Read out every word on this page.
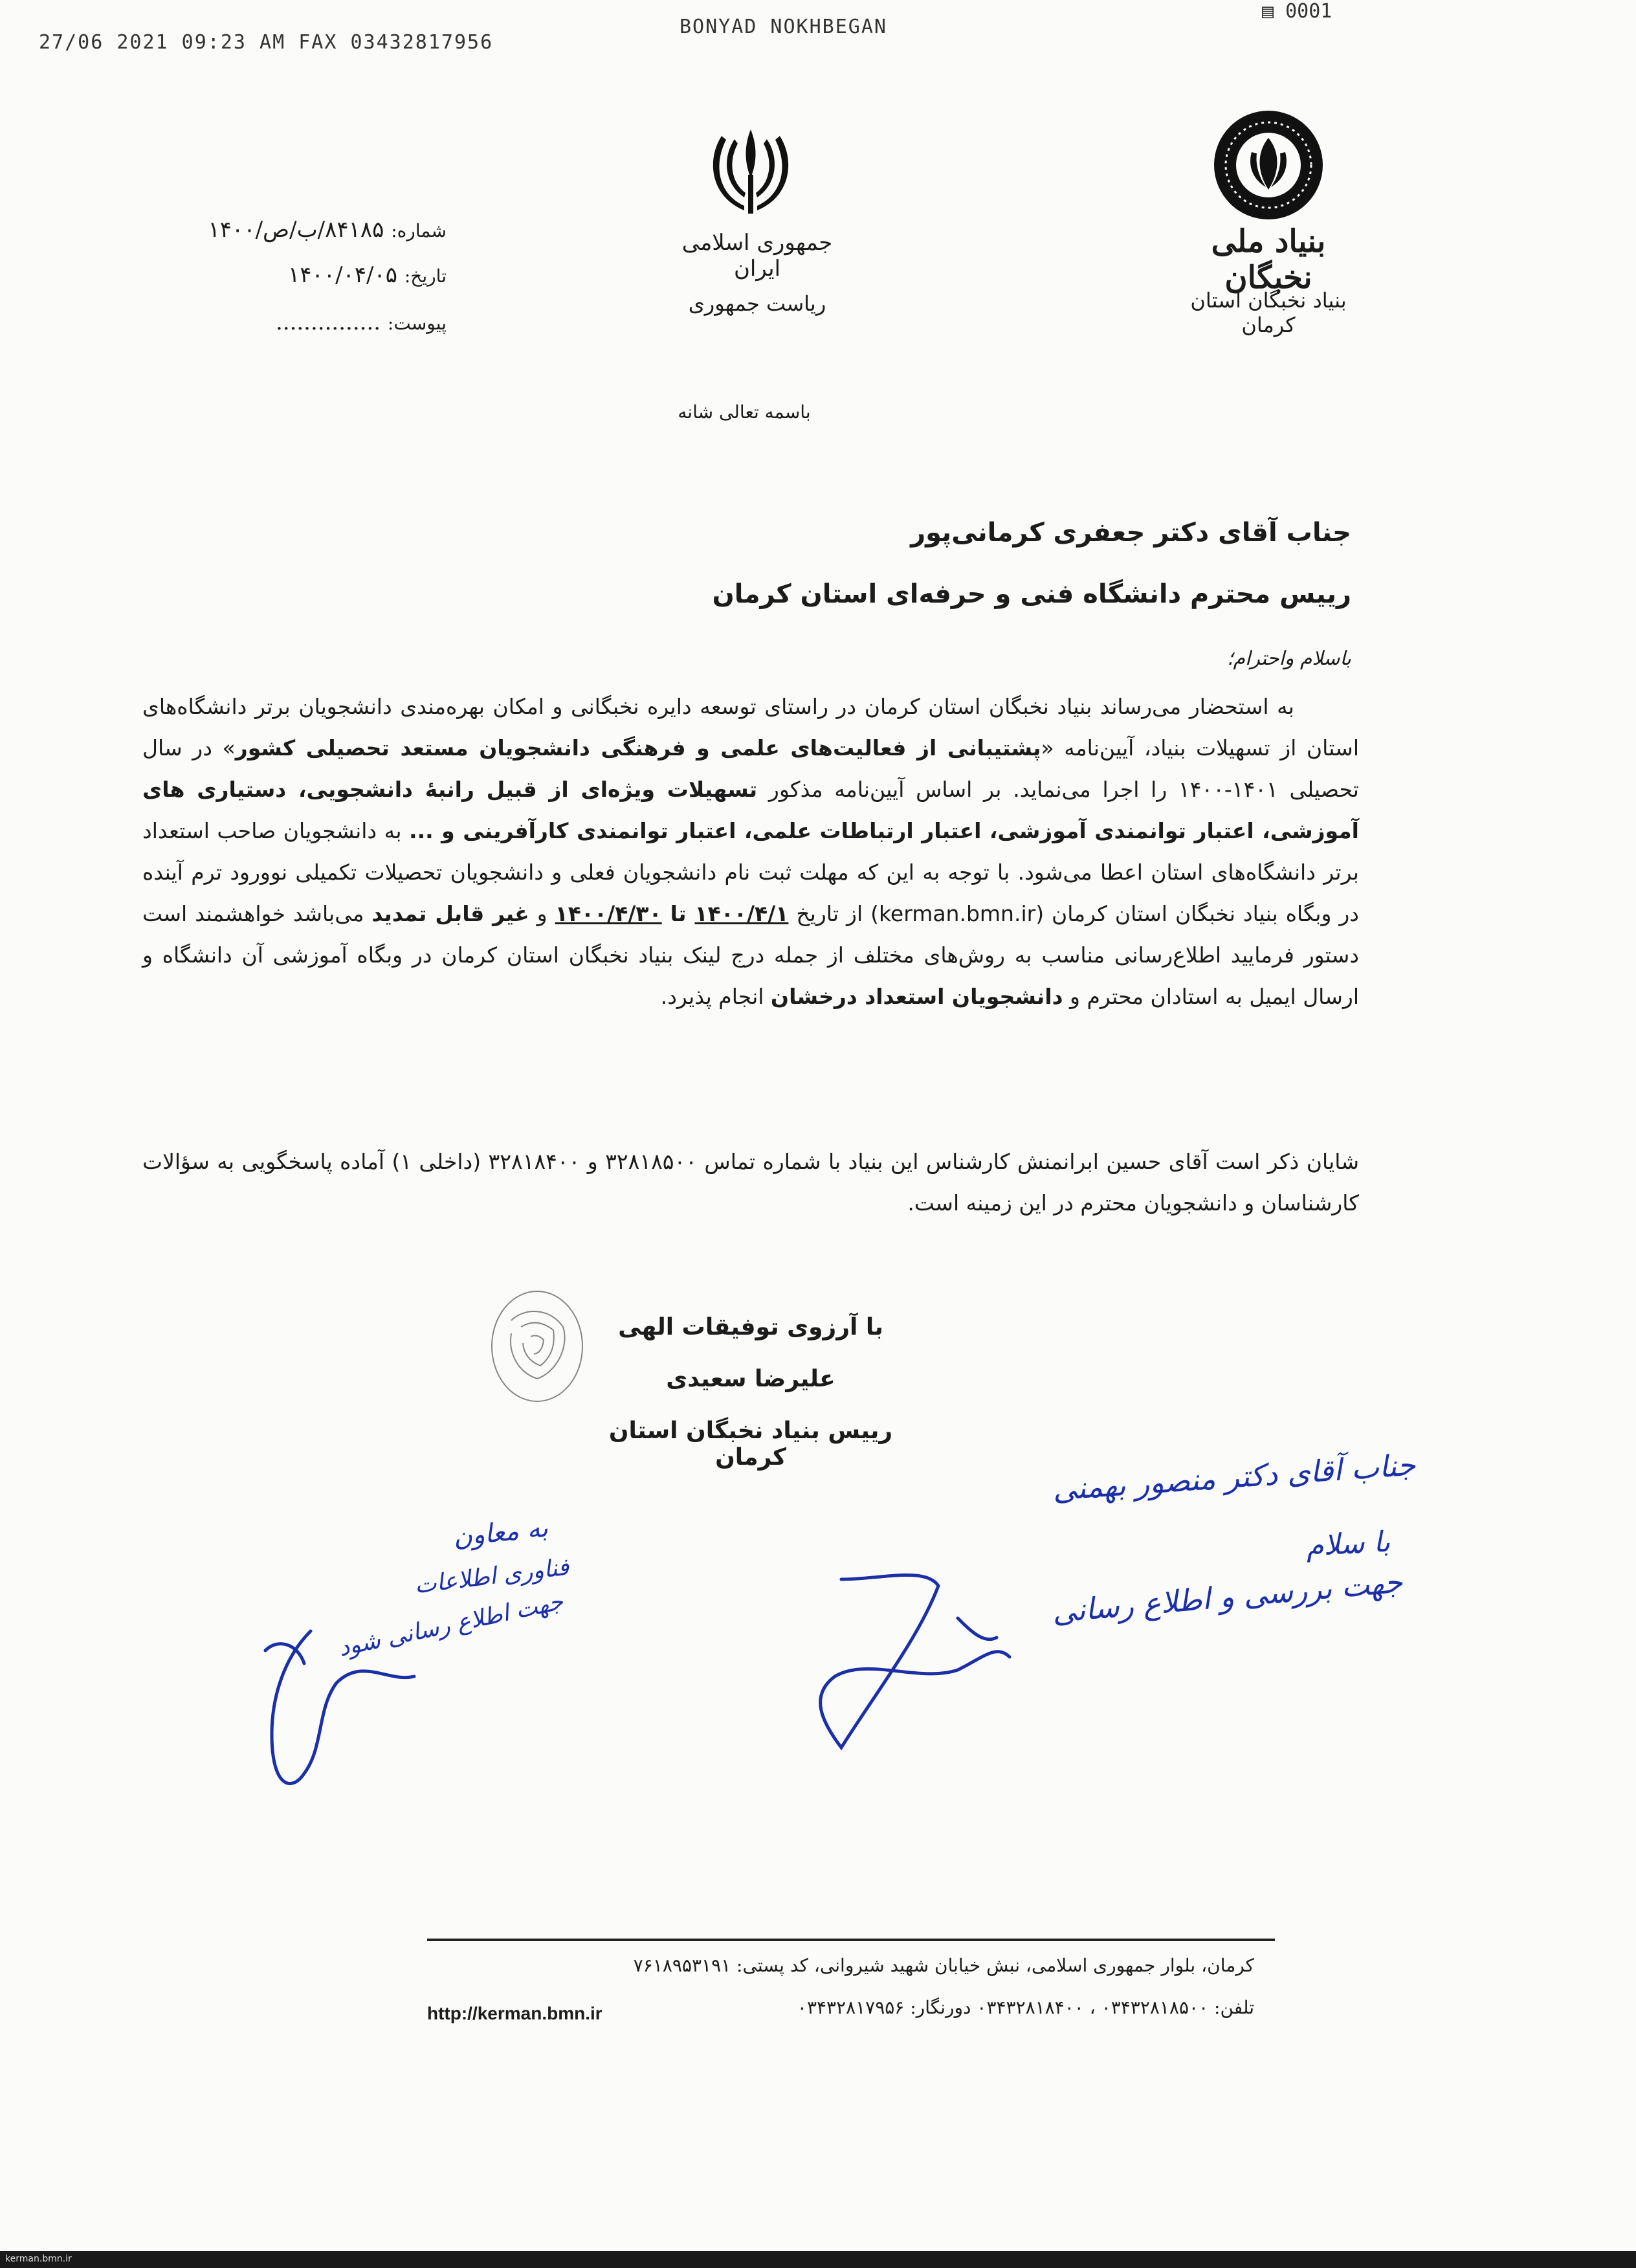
27/06 2021 09:23 AM FAX 03432817956
BONYAD NOKHBEGAN
▤ 0001
جمهوری اسلامی ایران
ریاست جمهوری
بنیاد ملی نخبگان
بنیاد نخبگان استان کرمان
شماره: ۸۴۱۸۵/ب/ص/۱۴۰۰
تاریخ: ۱۴۰۰/۰۴/۰۵
پیوست: ...............
باسمه تعالی شانه
جناب آقای دکتر جعفری کرمانی‌پور
رییس محترم دانشگاه فنی و حرفه‌ای استان کرمان
باسلام واحترام؛

به استحضار می‌رساند بنیاد نخبگان استان کرمان در راستای توسعه دایره نخبگانی و امکان بهره‌مندی دانشجویان برتر دانشگاه‌های استان از تسهیلات بنیاد، آیین‌نامه «پشتیبانی از فعالیت‌های علمی و فرهنگی دانشجویان مستعد تحصیلی کشور» در سال تحصیلی ۱۴۰۱-۱۴۰۰ را اجرا می‌نماید. بر اساس آیین‌نامه مذکور تسهیلات ویژه‌ای از قبیل رانبۀ دانشجویی، دستیاری های آموزشی، اعتبار توانمندی آموزشی، اعتبار ارتباطات علمی، اعتبار توانمندی کارآفرینی و ... به دانشجویان صاحب استعداد برتر دانشگاه‌های استان اعطا می‌شود. با توجه به این که مهلت ثبت نام دانشجویان فعلی و دانشجویان تحصیلات تکمیلی نوورود ترم آینده در وبگاه بنیاد نخبگان استان کرمان (kerman.bmn.ir) از تاریخ ۱۴۰۰/۴/۱ تا ۱۴۰۰/۴/۳۰ و غیر قابل تمدید می‌باشد خواهشمند است دستور فرمایید اطلاع‌رسانی مناسب به روش‌های مختلف از جمله درج لینک بنیاد نخبگان استان کرمان در وبگاه آموزشی آن دانشگاه و ارسال ایمیل به استادان محترم و دانشجویان استعداد درخشان انجام پذیرد.

شایان ذکر است آقای حسین ابرانمنش کارشناس این بنیاد با شماره تماس ۳۲۸۱۸۵۰۰ و ۳۲۸۱۸۴۰۰ (داخلی ۱) آماده پاسخگویی به سؤالات کارشناسان و دانشجویان محترم در این زمینه است.

با آرزوی توفیقات الهی
علیرضا سعیدی
رییس بنیاد نخبگان استان کرمان	جناب آقای دکتر منصور بهمنی
با سلام
جهت بررسی و اطلاع رسانی
به معاون
فناوری اطلاعات
جهت اطلاع رسانی شود
کرمان، بلوار جمهوری اسلامی، نبش خیابان شهید شیروانی، کد پستی: ۷۶۱۸۹۵۳۱۹۱
تلفن: ۰۳۴۳۲۸۱۸۵۰۰ ، ۰۳۴۳۲۸۱۸۴۰۰ دورنگار: ۰۳۴۳۲۸۱۷۹۵۶
http://kerman.bmn.ir
kerman.bmn.ir
